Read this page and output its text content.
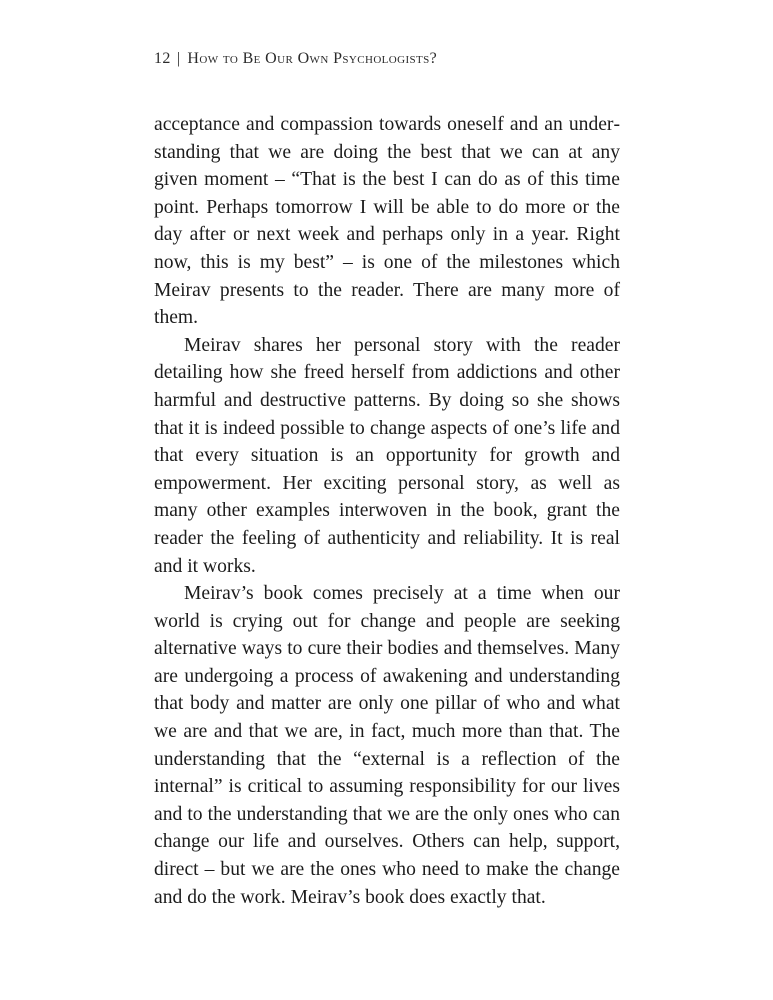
12 | How to Be Our Own Psychologists?

acceptance and compassion towards oneself and an understanding that we are doing the best that we can at any given moment – “That is the best I can do as of this time point. Perhaps tomorrow I will be able to do more or the day after or next week and perhaps only in a year. Right now, this is my best” – is one of the milestones which Meirav presents to the reader. There are many more of them.

Meirav shares her personal story with the reader detailing how she freed herself from addictions and other harmful and destructive patterns. By doing so she shows that it is indeed possible to change aspects of one’s life and that every situation is an opportunity for growth and empowerment. Her exciting personal story, as well as many other examples interwoven in the book, grant the reader the feeling of authenticity and reliability. It is real and it works.

Meirav’s book comes precisely at a time when our world is crying out for change and people are seeking alternative ways to cure their bodies and themselves. Many are undergoing a process of awakening and understanding that body and matter are only one pillar of who and what we are and that we are, in fact, much more than that. The understanding that the “external is a reflection of the internal” is critical to assuming responsibility for our lives and to the understanding that we are the only ones who can change our life and ourselves. Others can help, support, direct – but we are the ones who need to make the change and do the work. Meirav’s book does exactly that.
